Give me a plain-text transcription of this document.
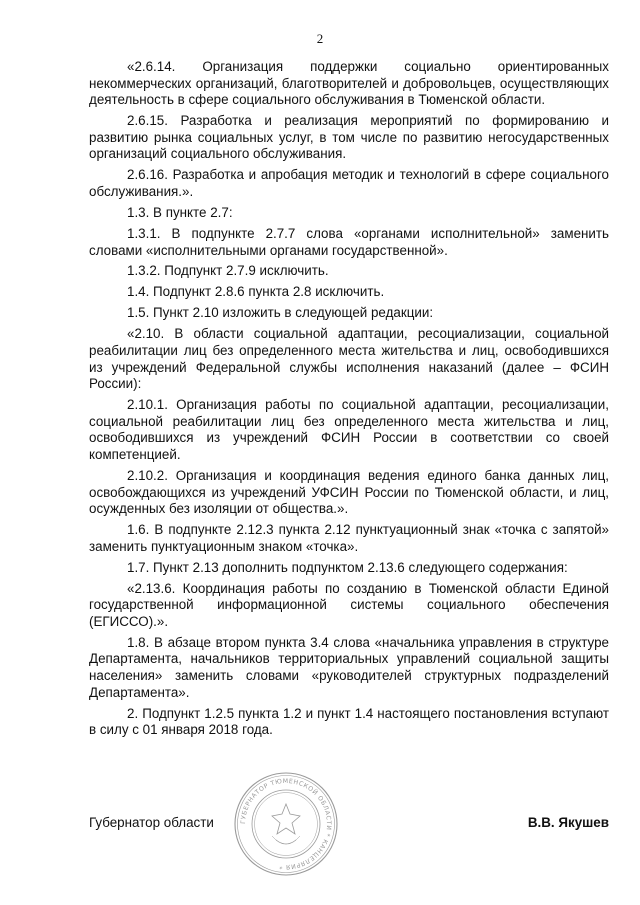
2

«2.6.14. Организация поддержки социально ориентированных некоммерческих организаций, благотворителей и добровольцев, осуществляющих деятельность в сфере социального обслуживания в Тюменской области.

2.6.15. Разработка и реализация мероприятий по формированию и развитию рынка социальных услуг, в том числе по развитию негосударственных организаций социального обслуживания.

2.6.16. Разработка и апробация методик и технологий в сфере социального обслуживания.».

1.3. В пункте 2.7:

1.3.1. В подпункте 2.7.7 слова «органами исполнительной» заменить словами «исполнительными органами государственной».

1.3.2. Подпункт 2.7.9 исключить.

1.4. Подпункт 2.8.6 пункта 2.8 исключить.

1.5. Пункт 2.10 изложить в следующей редакции:

«2.10. В области социальной адаптации, ресоциализации, социальной реабилитации лиц без определенного места жительства и лиц, освободившихся из учреждений Федеральной службы исполнения наказаний (далее – ФСИН России):

2.10.1. Организация работы по социальной адаптации, ресоциализации, социальной реабилитации лиц без определенного места жительства и лиц, освободившихся из учреждений ФСИН России в соответствии со своей компетенцией.

2.10.2. Организация и координация ведения единого банка данных лиц, освобождающихся из учреждений УФСИН России по Тюменской области, и лиц, осужденных без изоляции от общества.».

1.6. В подпункте 2.12.3 пункта 2.12 пунктуационный знак «точка с запятой» заменить пунктуационным знаком «точка».

1.7. Пункт 2.13 дополнить подпунктом 2.13.6 следующего содержания:

«2.13.6. Координация работы по созданию в Тюменской области Единой государственной информационной системы социального обеспечения (ЕГИССО).».

1.8. В абзаце втором пункта 3.4 слова «начальника управления в структуре Департамента, начальников территориальных управлений социальной защиты населения» заменить словами «руководителей структурных подразделений Департамента».

2. Подпункт 1.2.5 пункта 1.2 и пункт 1.4 настоящего постановления вступают в силу с 01 января 2018 года.

ГУБЕРНАТОР ТЮМЕНСКОЙ ОБЛАСТИ * КАНЦЕЛЯРИЯ *
Губернатор области	В.В. Якушев
